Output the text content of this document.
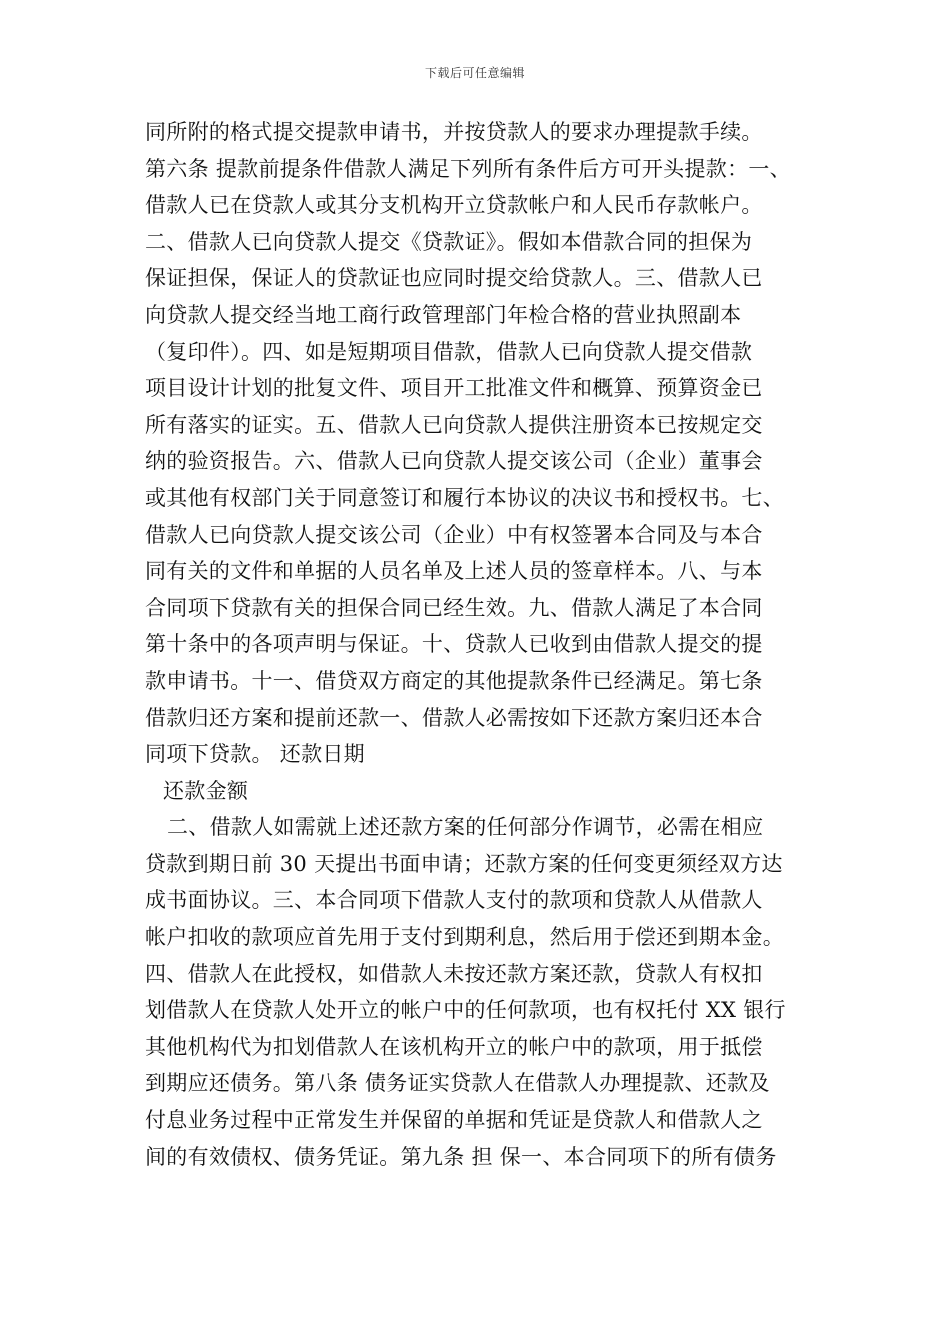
下载后可任意编辑
同所附的格式提交提款申请书，并按贷款人的要求办理提款手续。
第六条 提款前提条件借款人满足下列所有条件后方可开头提款：一、
借款人已在贷款人或其分支机构开立贷款帐户和人民币存款帐户。
二、借款人已向贷款人提交《贷款证》。假如本借款合同的担保为
保证担保，保证人的贷款证也应同时提交给贷款人。三、借款人已
向贷款人提交经当地工商行政管理部门年检合格的营业执照副本
（复印件）。四、如是短期项目借款，借款人已向贷款人提交借款
项目设计计划的批复文件、项目开工批准文件和概算、预算资金已
所有落实的证实。五、借款人已向贷款人提供注册资本已按规定交
纳的验资报告。六、借款人已向贷款人提交该公司（企业）董事会
或其他有权部门关于同意签订和履行本协议的决议书和授权书。七、
借款人已向贷款人提交该公司（企业）中有权签署本合同及与本合
同有关的文件和单据的人员名单及上述人员的签章样本。八、与本
合同项下贷款有关的担保合同已经生效。九、借款人满足了本合同
第十条中的各项声明与保证。十、贷款人已收到由借款人提交的提
款申请书。十一、借贷双方商定的其他提款条件已经满足。第七条
借款归还方案和提前还款一、借款人必需按如下还款方案归还本合
同项下贷款。 还款日期
还款金额
二、借款人如需就上述还款方案的任何部分作调节，必需在相应
贷款到期日前 30 天提出书面申请；还款方案的任何变更须经双方达
成书面协议。三、本合同项下借款人支付的款项和贷款人从借款人
帐户扣收的款项应首先用于支付到期利息，然后用于偿还到期本金。
四、借款人在此授权，如借款人未按还款方案还款，贷款人有权扣
划借款人在贷款人处开立的帐户中的任何款项，也有权托付 XX 银行
其他机构代为扣划借款人在该机构开立的帐户中的款项，用于抵偿
到期应还债务。第八条 债务证实贷款人在借款人办理提款、还款及
付息业务过程中正常发生并保留的单据和凭证是贷款人和借款人之
间的有效债权、债务凭证。第九条 担 保一、本合同项下的所有债务
